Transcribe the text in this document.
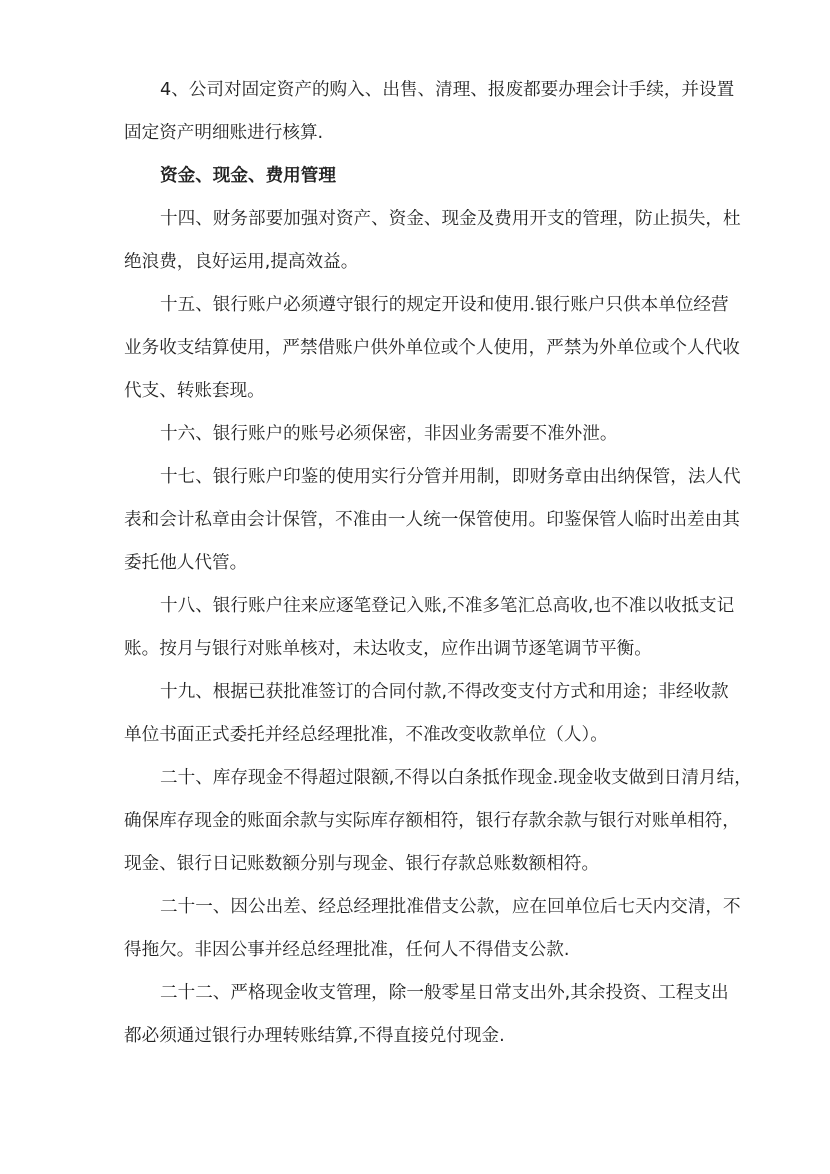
4、公司对固定资产的购入、出售、清理、报废都要办理会计手续，并设置
固定资产明细账进行核算.
资金、现金、费用管理
十四、财务部要加强对资产、资金、现金及费用开支的管理，防止损失，杜
绝浪费，良好运用,提高效益。
十五、银行账户必须遵守银行的规定开设和使用.银行账户只供本单位经营
业务收支结算使用，严禁借账户供外单位或个人使用，严禁为外单位或个人代收
代支、转账套现。
十六、银行账户的账号必须保密，非因业务需要不准外泄。
十七、银行账户印鉴的使用实行分管并用制，即财务章由出纳保管，法人代
表和会计私章由会计保管，不准由一人统一保管使用。印鉴保管人临时出差由其
委托他人代管。
十八、银行账户往来应逐笔登记入账,不准多笔汇总高收,也不准以收抵支记
账。按月与银行对账单核对，未达收支，应作出调节逐笔调节平衡。
十九、根据已获批准签订的合同付款,不得改变支付方式和用途；非经收款
单位书面正式委托并经总经理批准，不准改变收款单位（人）。
二十、库存现金不得超过限额,不得以白条抵作现金.现金收支做到日清月结，
确保库存现金的账面余款与实际库存额相符，银行存款余款与银行对账单相符，
现金、银行日记账数额分别与现金、银行存款总账数额相符。
二十一、因公出差、经总经理批准借支公款，应在回单位后七天内交清，不
得拖欠。非因公事并经总经理批准，任何人不得借支公款.
二十二、严格现金收支管理，除一般零星日常支出外,其余投资、工程支出
都必须通过银行办理转账结算,不得直接兑付现金.
